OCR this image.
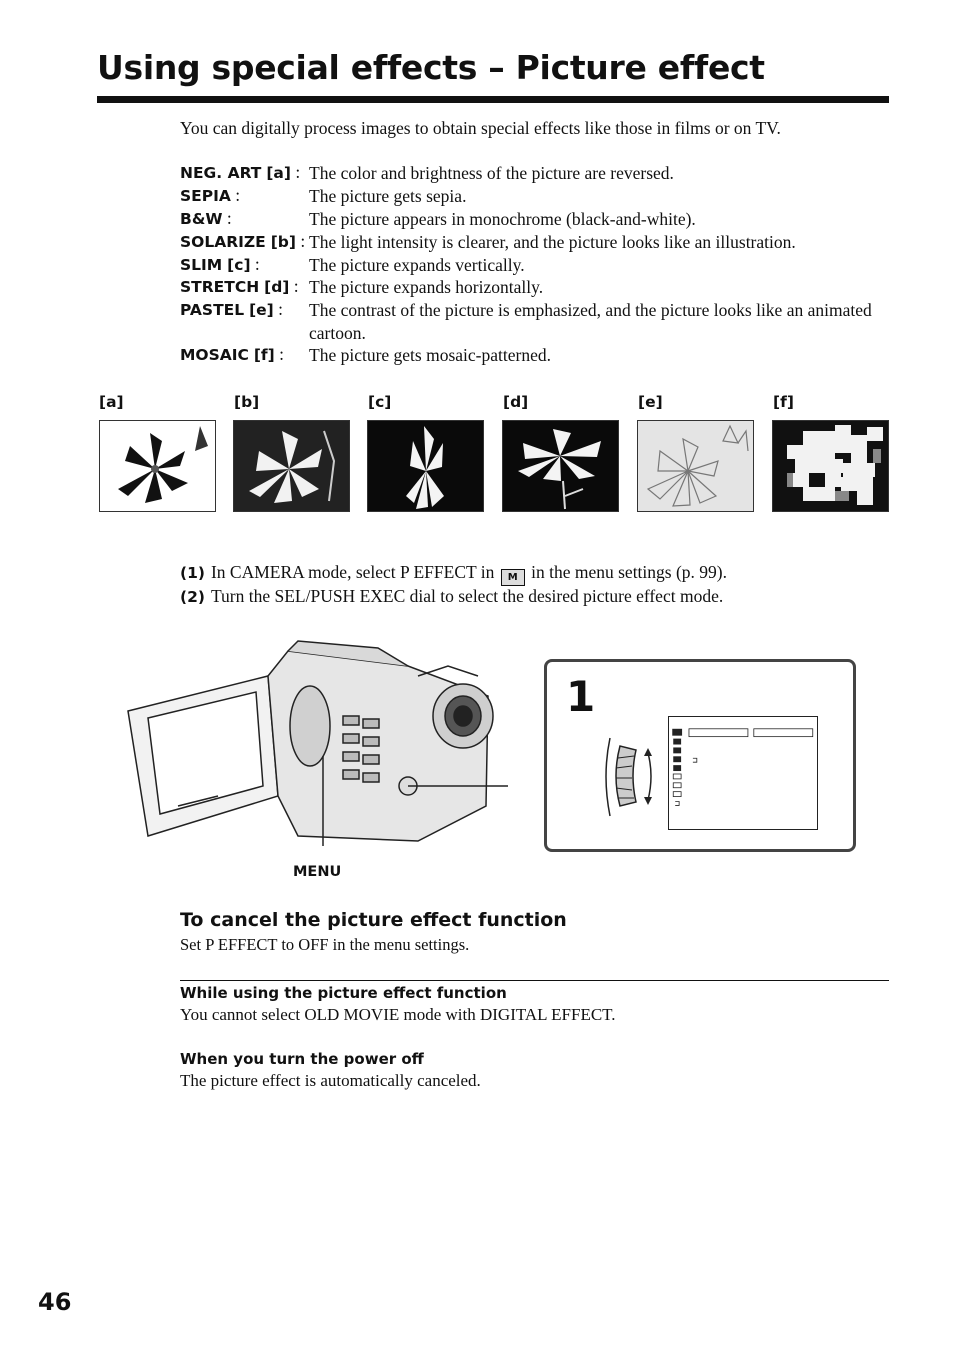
Using special effects – Picture effect
You can digitally process images to obtain special effects like those in films or on TV.
NEG. ART [a] : The color and brightness of the picture are reversed.
SEPIA :	The picture gets sepia.
B&W :	The picture appears in monochrome (black-and-white).
SOLARIZE [b] : The light intensity is clearer, and the picture looks like an illustration.
SLIM [c] :	The picture expands vertically.
STRETCH [d] : The picture expands horizontally.
PASTEL [e] : The contrast of the picture is emphasized, and the picture looks like an animated cartoon.
MOSAIC [f] : The picture gets mosaic-patterned.
[a]	[b]	[c]	[d]	[e]	[f]
(1) In CAMERA mode, select P EFFECT in M in the menu settings (p. 99).
(2) Turn the SEL/PUSH EXEC dial to select the desired picture effect mode.
MENU
1
To cancel the picture effect function
Set P EFFECT to OFF in the menu settings.
While using the picture effect function
You cannot select OLD MOVIE mode with DIGITAL EFFECT.
When you turn the power off
The picture effect is automatically canceled.
46
